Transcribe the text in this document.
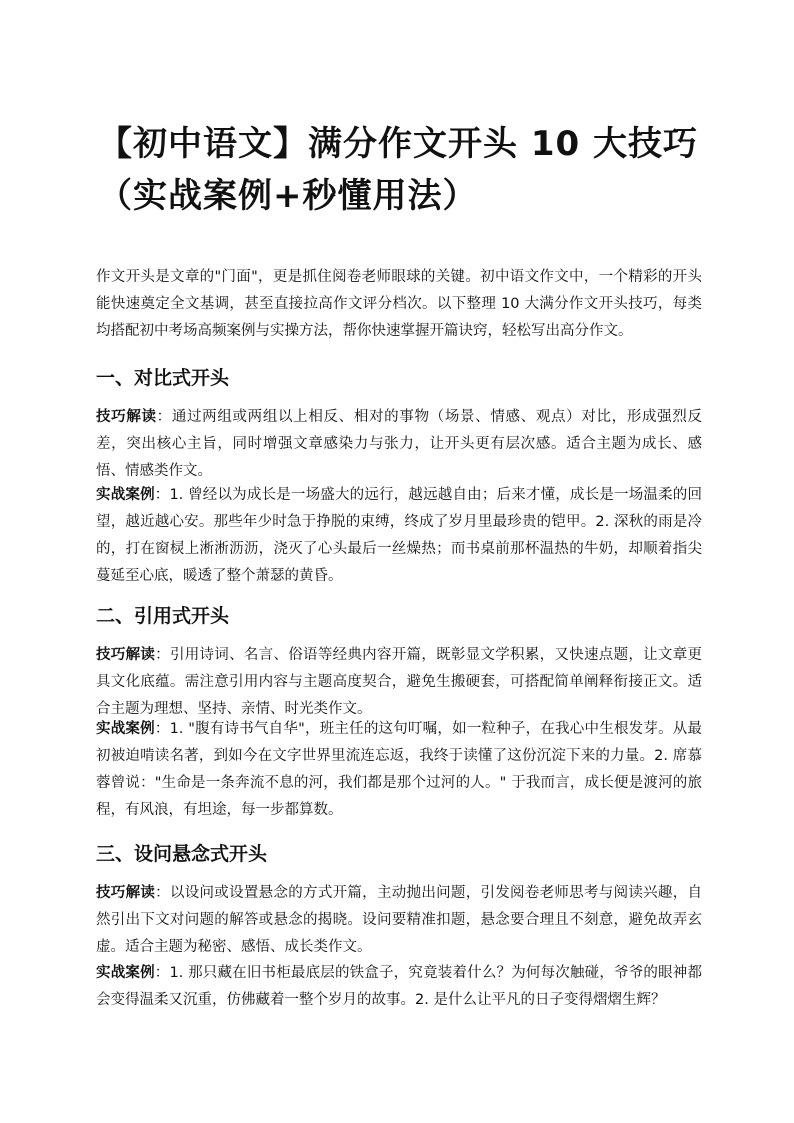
【初中语文】满分作文开头 10 大技巧（实战案例+秒懂用法）
作文开头是文章的"门面"，更是抓住阅卷老师眼球的关键。初中语文作文中，一个精彩的开头能快速奠定全文基调，甚至直接拉高作文评分档次。以下整理 10 大满分作文开头技巧，每类均搭配初中考场高频案例与实操方法，帮你快速掌握开篇诀窍，轻松写出高分作文。
一、对比式开头
技巧解读：通过两组或两组以上相反、相对的事物（场景、情感、观点）对比，形成强烈反差，突出核心主旨，同时增强文章感染力与张力，让开头更有层次感。适合主题为成长、感悟、情感类作文。
实战案例：1. 曾经以为成长是一场盛大的远行，越远越自由；后来才懂，成长是一场温柔的回望，越近越心安。那些年少时急于挣脱的束缚，终成了岁月里最珍贵的铠甲。2. 深秋的雨是冷的，打在窗棂上淅淅沥沥，浇灭了心头最后一丝燥热；而书桌前那杯温热的牛奶，却顺着指尖蔓延至心底，暖透了整个萧瑟的黄昏。
二、引用式开头
技巧解读：引用诗词、名言、俗语等经典内容开篇，既彰显文学积累，又快速点题，让文章更具文化底蕴。需注意引用内容与主题高度契合，避免生搬硬套，可搭配简单阐释衔接正文。适合主题为理想、坚持、亲情、时光类作文。
实战案例：1. "腹有诗书气自华"，班主任的这句叮嘱，如一粒种子，在我心中生根发芽。从最初被迫啃读名著，到如今在文字世界里流连忘返，我终于读懂了这份沉淀下来的力量。2. 席慕蓉曾说："生命是一条奔流不息的河，我们都是那个过河的人。" 于我而言，成长便是渡河的旅程，有风浪，有坦途，每一步都算数。
三、设问悬念式开头
技巧解读：以设问或设置悬念的方式开篇，主动抛出问题，引发阅卷老师思考与阅读兴趣，自然引出下文对问题的解答或悬念的揭晓。设问要精准扣题，悬念要合理且不刻意，避免故弄玄虚。适合主题为秘密、感悟、成长类作文。
实战案例：1. 那只藏在旧书柜最底层的铁盒子，究竟装着什么？为何每次触碰，爷爷的眼神都会变得温柔又沉重，仿佛藏着一整个岁月的故事。2. 是什么让平凡的日子变得熠熠生辉？
